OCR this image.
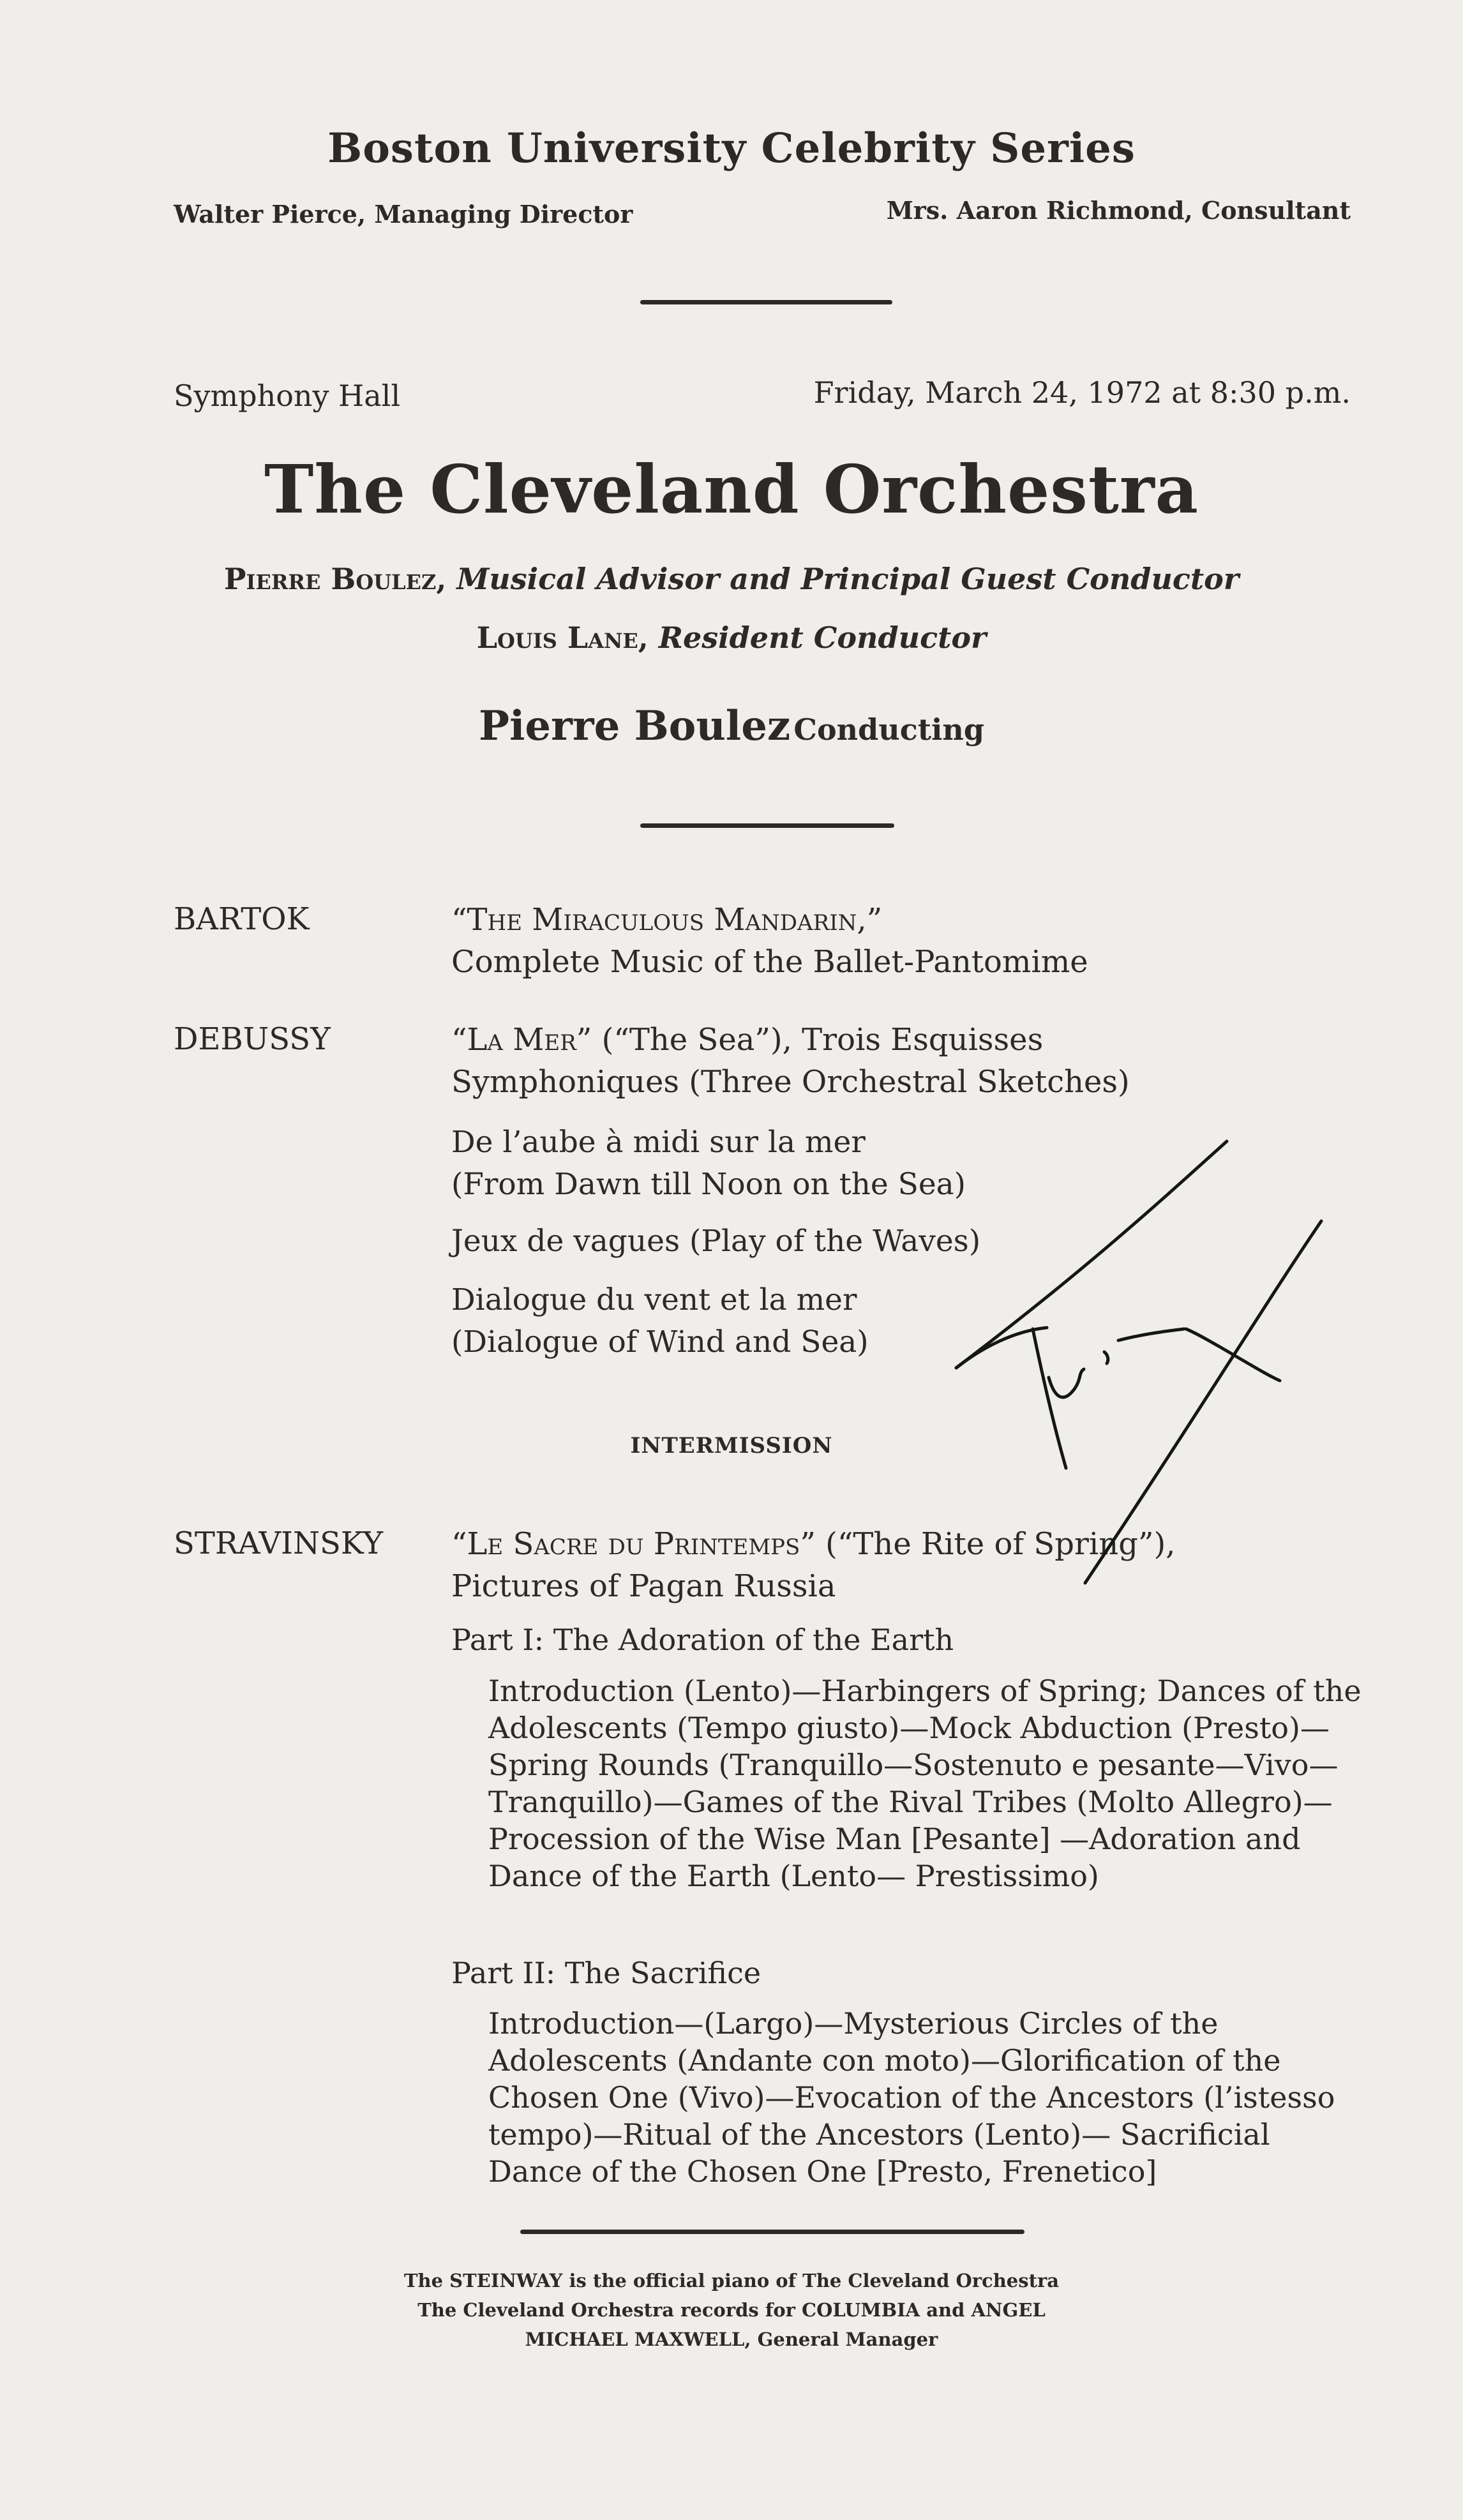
Boston University Celebrity Series
Walter Pierce, Managing Director	Mrs. Aaron Richmond, Consultant
Symphony Hall	Friday, March 24, 1972 at 8:30 p.m.
The Cleveland Orchestra
Pierre Boulez, Musical Advisor and Principal Guest Conductor
Louis Lane, Resident Conductor
Pierre Boulez Conducting
BARTOK	“The Miraculous Mandarin,”
Complete Music of the Ballet-Pantomime
DEBUSSY	“La Mer” (“The Sea”), Trois Esquisses
Symphoniques (Three Orchestral Sketches)
De l’aube à midi sur la mer
(From Dawn till Noon on the Sea)
Jeux de vagues (Play of the Waves)
Dialogue du vent et la mer
(Dialogue of Wind and Sea)
INTERMISSION
STRAVINSKY “Le Sacre du Printemps” (“The Rite of Spring”),
Pictures of Pagan Russia
Part I: The Adoration of the Earth
Introduction (Lento)—Harbingers of Spring; Dances of the Adolescents (Tempo giusto)—Mock Abduction (Presto)—Spring Rounds (Tranquillo—Sostenuto e pesante—Vivo—Tranquillo)—Games of the Rival Tribes (Molto Allegro)—Procession of the Wise Man [Pesante] —Adoration and Dance of the Earth (Lento— Prestissimo)
Part II: The Sacrifice
Introduction—(Largo)—Mysterious Circles of the Adolescents (Andante con moto)—Glorification of the Chosen One (Vivo)—Evocation of the Ancestors (l’istesso tempo)—Ritual of the Ancestors (Lento)— Sacrificial Dance of the Chosen One [Presto, Frenetico]
The STEINWAY is the official piano of The Cleveland Orchestra
The Cleveland Orchestra records for COLUMBIA and ANGEL
MICHAEL MAXWELL, General Manager
